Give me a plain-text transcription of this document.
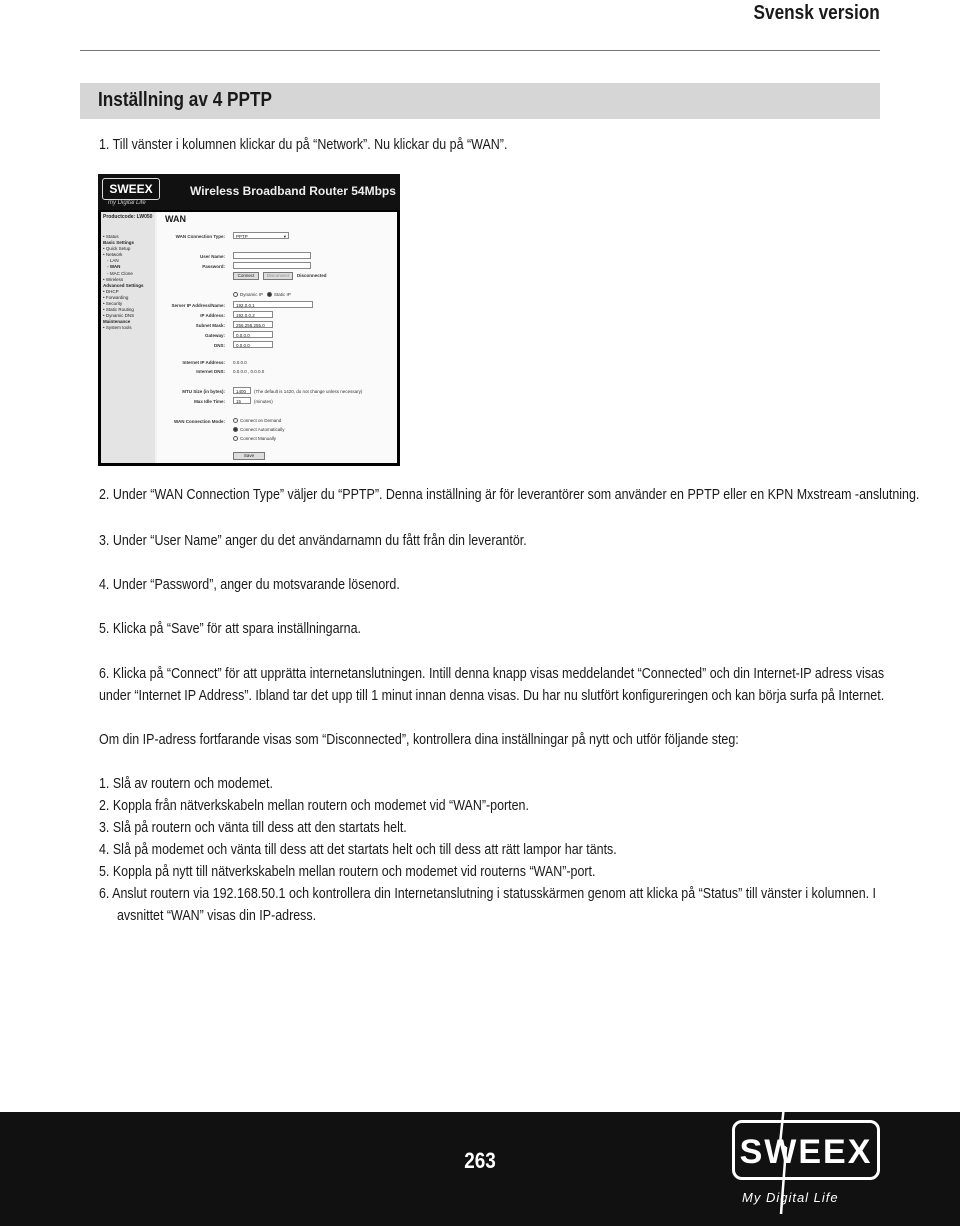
Svensk version
Inställning av 4 PPTP
1. Till vänster i kolumnen klickar du på “Network”. Nu klickar du på “WAN”.
SWEEX
my Digital Life
Wireless Broadband Router 54Mbps
Productcode: LW050
• Status
Basic Settings
• Quick Setup
• Network
◦ LAN
◦ WAN
◦ MAC Clone
• Wireless
Advanced Settings
• DHCP
• Forwarding
• Security
• Static Routing
• Dynamic DNS
Maintenance
• System tools
WAN
WAN Connection Type:	PPTP	▾
User Name:
Password:
Connect	Disconnect	Disconnected
Dynamic IP Static IP
Server IP Address/Name:	192.0.0.1
IP Address:	192.0.0.2
Subnet Mask:	255.255.255.0
Gateway:	0.0.0.0
DNS:	0.0.0.0
Internet IP Address: 0.0.0.0
Internet DNS: 0.0.0.0 , 0.0.0.0
MTU Size (in bytes):	1400	(The default is 1420, do not change unless necessary)
Max Idle Time:	15	(minutes)
WAN Connection Mode:	Connect on Demand
Connect Automatically
Connect Manually
Save
2. Under “WAN Connection Type” väljer du “PPTP”. Denna inställning är för leverantörer som använder en PPTP eller en KPN Mxstream -anslutning.
3. Under “User Name” anger du det användarnamn du fått från din leverantör.
4. Under “Password”, anger du motsvarande lösenord.
5. Klicka på “Save” för att spara inställningarna.
6. Klicka på “Connect” för att upprätta internetanslutningen. Intill denna knapp visas meddelandet “Connected” och din Internet-IP adress visas
under “Internet IP Address”. Ibland tar det upp till 1 minut innan denna visas. Du har nu slutfört konfigureringen och kan börja surfa på Internet.
Om din IP-adress fortfarande visas som “Disconnected”, kontrollera dina inställningar på nytt och utför följande steg:
1. Slå av routern och modemet.
2. Koppla från nätverkskabeln mellan routern och modemet vid “WAN”-porten.
3. Slå på routern och vänta till dess att den startats helt.
4. Slå på modemet och vänta till dess att det startats helt och till dess att rätt lampor har tänts.
5. Koppla på nytt till nätverkskabeln mellan routern och modemet vid routerns “WAN”-port.
6. Anslut routern via 192.168.50.1 och kontrollera din Internetanslutning i statusskärmen genom att klicka på “Status” till vänster i kolumnen. I
avsnittet “WAN” visas din IP-adress.
263	SWEEX
My Digital Life
